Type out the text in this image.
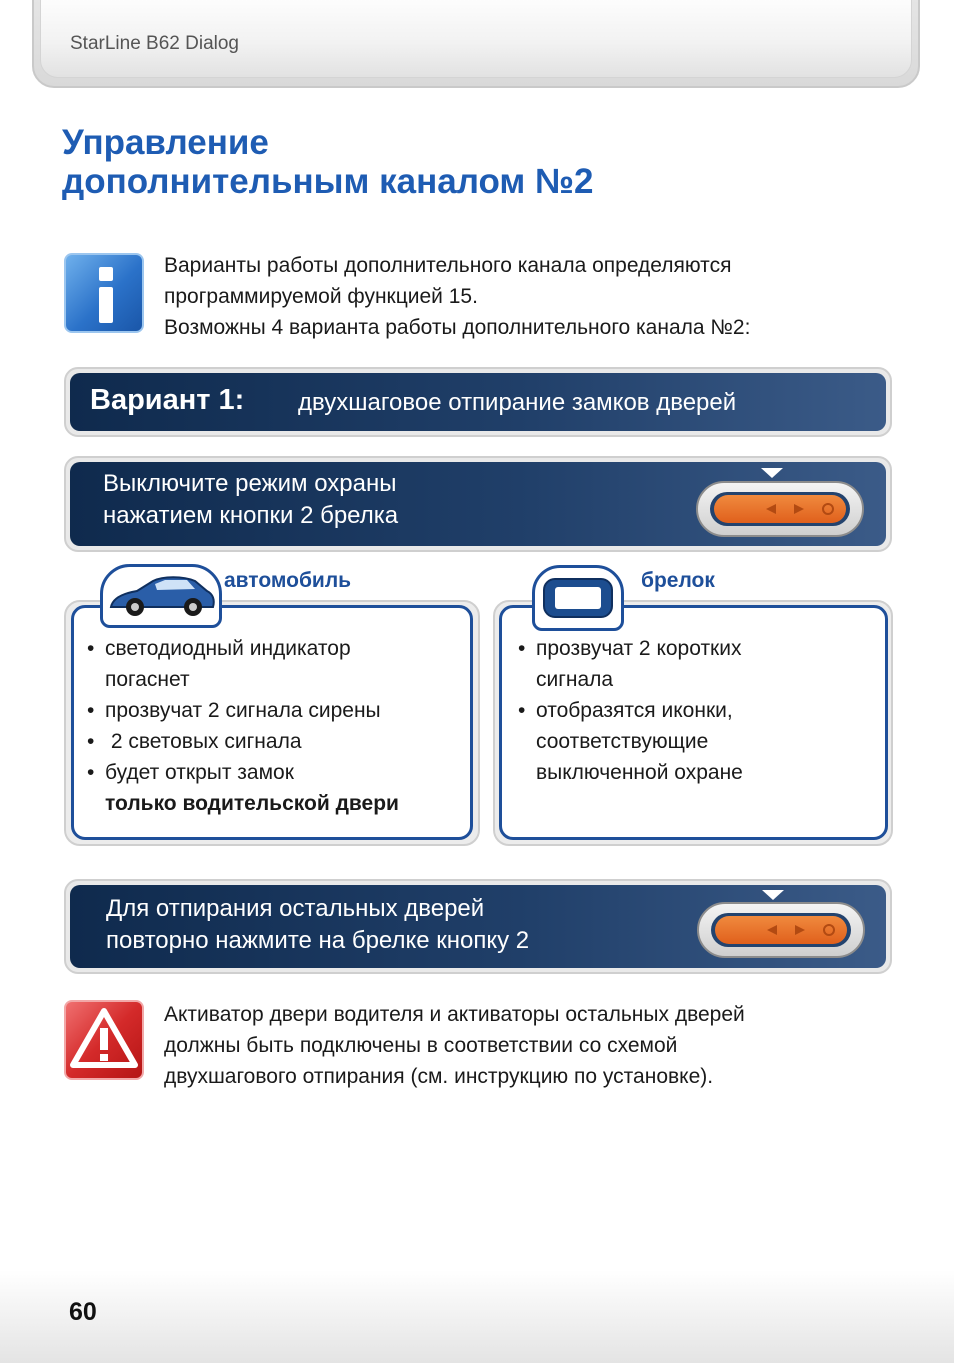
StarLine B62 Dialog
Управление
дополнительным каналом №2
Варианты работы дополнительного канала определяются
программируемой функцией 15.
Возможны 4 варианта работы дополнительного канала №2:
Вариант 1: двухшаговое отпирание замков дверей
Выключите режим охраны
нажатием кнопки 2 брелка
автомобиль
• светодиодный индикатор
погаснет
• прозвучат 2 сигнала сирены
•  2 световых сигнала
• будет открыт замок
только водительской двери
брелок
• прозвучат 2 коротких
сигнала
• отобразятся иконки,
соответствующие
выключенной охране
Для отпирания остальных дверей
повторно нажмите на брелке кнопку 2
Активатор двери водителя и активаторы остальных дверей
должны быть подключены в соответствии со схемой
двухшагового отпирания (см. инструкцию по установке).
60
